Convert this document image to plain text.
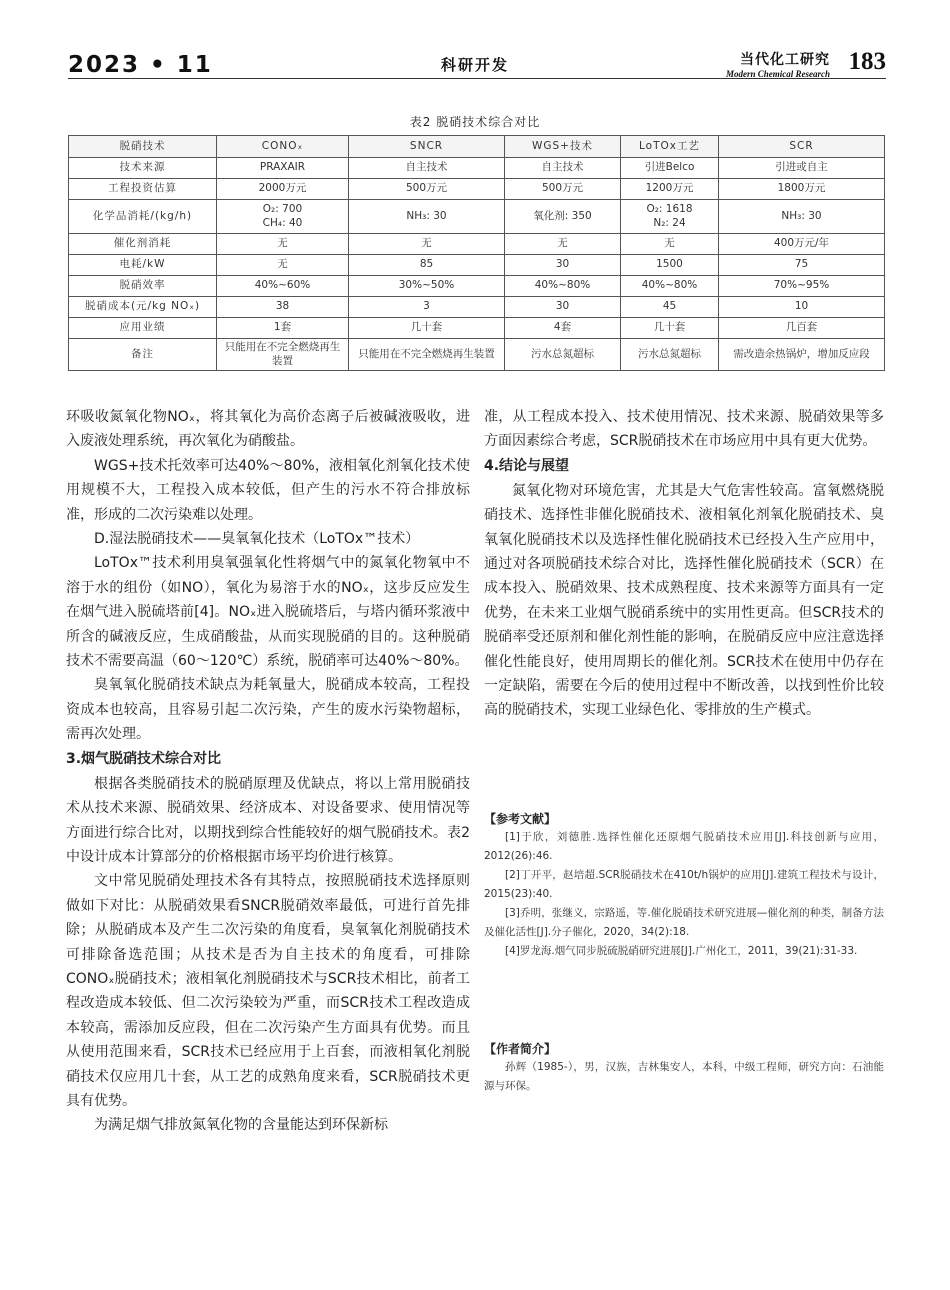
2023 • 11	科研开发	当代化工研究
Modern Chemical Research 183
表2 脱硝技术综合对比
脱硝技术	CONOₓ	SNCR	WGS+技术	LoTOx工艺	SCR
技术来源	PRAXAIR	自主技术	自主技术	引进Belco	引进或自主
工程投资估算	2000万元	500万元	500万元	1200万元	1800万元
化学品消耗/(kg/h)	O₂: 700
CH₄: 40	NH₃: 30	氧化剂: 350	O₂: 1618
N₂: 24	NH₃: 30
催化剂消耗	无	无	无	无	400万元/年
电耗/kW	无	85	30	1500	75
脱硝效率	40%~60%	30%~50%	40%~80%	40%~80%	70%~95%
脱硝成本(元/kg NOₓ)	38	3	30	45	10
应用业绩	1套	几十套	4套	几十套	几百套
备注	只能用在不完全燃烧再生装置	只能用在不完全燃烧再生装置	污水总氮超标	污水总氮超标	需改造余热锅炉，增加反应段

环吸收氮氧化物NOₓ，将其氧化为高价态离子后被碱液吸收，进入废液处理系统，再次氧化为硝酸盐。

WGS+技术托效率可达40%～80%，液相氧化剂氧化技术使用规模不大，工程投入成本较低，但产生的污水不符合排放标准，形成的二次污染难以处理。

D.湿法脱硝技术——臭氧氧化技术（LoTOx™技术）

LoTOx™技术利用臭氧强氧化性将烟气中的氮氧化物氧中不溶于水的组份（如NO），氧化为易溶于水的NOₓ，这步反应发生在烟气进入脱硫塔前[4]。NOₓ进入脱硫塔后，与塔内循环浆液中所含的碱液反应，生成硝酸盐，从而实现脱硝的目的。这种脱硝技术不需要高温（60～120℃）系统，脱硝率可达40%～80%。

臭氧氧化脱硝技术缺点为耗氧量大，脱硝成本较高，工程投资成本也较高，且容易引起二次污染，产生的废水污染物超标，需再次处理。

3.烟气脱硝技术综合对比

根据各类脱硝技术的脱硝原理及优缺点，将以上常用脱硝技术从技术来源、脱硝效果、经济成本、对设备要求、使用情况等方面进行综合比对，以期找到综合性能较好的烟气脱硝技术。表2中设计成本计算部分的价格根据市场平均价进行核算。

文中常见脱硝处理技术各有其特点，按照脱硝技术选择原则做如下对比：从脱硝效果看SNCR脱硝效率最低，可进行首先排除；从脱硝成本及产生二次污染的角度看，臭氧氧化剂脱硝技术可排除备选范围；从技术是否为自主技术的角度看，可排除CONOₓ脱硝技术；液相氧化剂脱硝技术与SCR技术相比，前者工程改造成本较低、但二次污染较为严重，而SCR技术工程改造成本较高，需添加反应段，但在二次污染产生方面具有优势。而且从使用范围来看，SCR技术已经应用于上百套，而液相氧化剂脱硝技术仅应用几十套，从工艺的成熟角度来看，SCR脱硝技术更具有优势。

为满足烟气排放氮氧化物的含量能达到环保新标

准，从工程成本投入、技术使用情况、技术来源、脱硝效果等多方面因素综合考虑，SCR脱硝技术在市场应用中具有更大优势。

4.结论与展望

氮氧化物对环境危害，尤其是大气危害性较高。富氧燃烧脱硝技术、选择性非催化脱硝技术、液相氧化剂氧化脱硝技术、臭氧氧化脱硝技术以及选择性催化脱硝技术已经投入生产应用中，通过对各项脱硝技术综合对比，选择性催化脱硝技术（SCR）在成本投入、脱硝效果、技术成熟程度、技术来源等方面具有一定优势，在未来工业烟气脱硝系统中的实用性更高。但SCR技术的脱硝率受还原剂和催化剂性能的影响，在脱硝反应中应注意选择催化性能良好，使用周期长的催化剂。SCR技术在使用中仍存在一定缺陷，需要在今后的使用过程中不断改善，以找到性价比较高的脱硝技术，实现工业绿色化、零排放的生产模式。

【参考文献】

[1]于欣，刘德胜.选择性催化还原烟气脱硝技术应用[J].科技创新与应用，2012(26):46.

[2]丁开平，赵培超.SCR脱硝技术在410t/h锅炉的应用[J].建筑工程技术与设计，2015(23):40.

[3]乔明，张继义，宗路遥，等.催化脱硝技术研究进展—催化剂的种类，制备方法及催化活性[J].分子催化，2020，34(2):18.

[4]罗龙海.烟气同步脱硫脱硝研究进展[J].广州化工，2011，39(21):31-33.

【作者简介】

孙辉（1985-），男，汉族，吉林集安人，本科，中级工程师，研究方向：石油能源与环保。
